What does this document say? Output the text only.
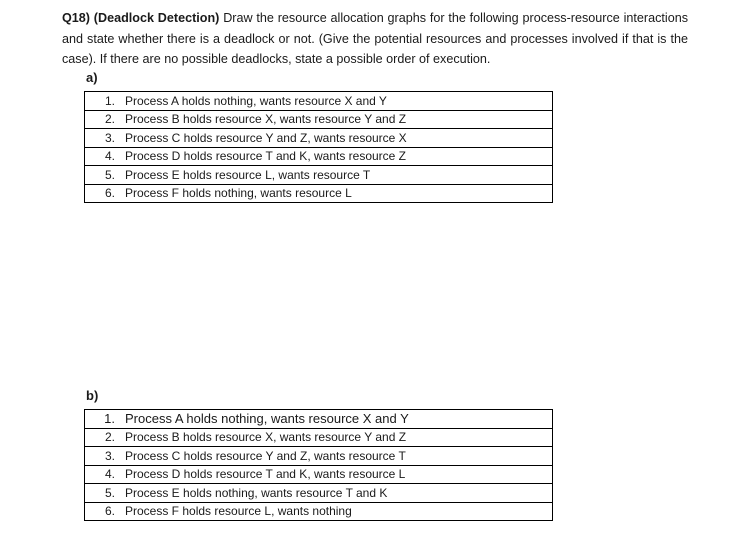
Q18) (Deadlock Detection) Draw the resource allocation graphs for the following process-resource interactions and state whether there is a deadlock or not. (Give the potential resources and processes involved if that is the case). If there are no possible deadlocks, state a possible order of execution.
a)
1. Process A holds nothing, wants resource X and Y
2. Process B holds resource X, wants resource Y and Z
3. Process C holds resource Y and Z, wants resource X
4. Process D holds resource T and K, wants resource Z
5. Process E holds resource L, wants resource T
6. Process F holds nothing, wants resource L
b)
1. Process A holds nothing, wants resource X and Y
2. Process B holds resource X, wants resource Y and Z
3. Process C holds resource Y and Z, wants resource T
4. Process D holds resource T and K, wants resource L
5. Process E holds nothing, wants resource T and K
6. Process F holds resource L, wants nothing
